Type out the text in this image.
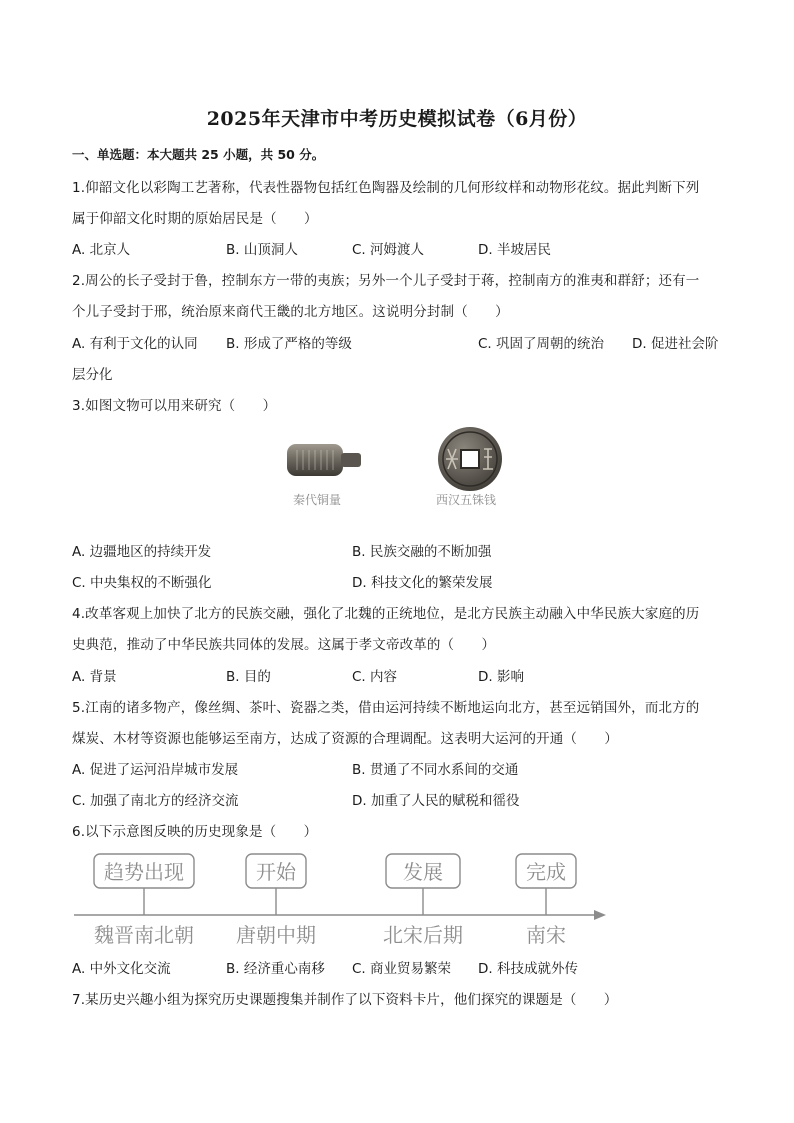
2025年天津市中考历史模拟试卷（6月份）
一、单选题：本大题共 25 小题，共 50 分。
1.仰韶文化以彩陶工艺著称，代表性器物包括红色陶器及绘制的几何形纹样和动物形花纹。据此判断下列
属于仰韶文化时期的原始居民是（　　）
A. 北京人	B. 山顶洞人	C. 河姆渡人	D. 半坡居民
2.周公的长子受封于鲁，控制东方一带的夷族；另外一个儿子受封于蒋，控制南方的淮夷和群舒；还有一
个儿子受封于邢，统治原来商代王畿的北方地区。这说明分封制（　　）
A. 有利于文化的认同 B. 形成了严格的等级	C. 巩固了周朝的统治 D. 促进社会阶
层分化
3.如图文物可以用来研究（　　）
秦代铜量	西汉五铢钱
A. 边疆地区的持续开发	B. 民族交融的不断加强
C. 中央集权的不断强化	D. 科技文化的繁荣发展
4.改革客观上加快了北方的民族交融，强化了北魏的正统地位，是北方民族主动融入中华民族大家庭的历
史典范，推动了中华民族共同体的发展。这属于孝文帝改革的（　　）
A. 背景	B. 目的	C. 内容	D. 影响
5.江南的诸多物产，像丝绸、茶叶、瓷器之类，借由运河持续不断地运向北方，甚至远销国外，而北方的
煤炭、木材等资源也能够运至南方，达成了资源的合理调配。这表明大运河的开通（　　）
A. 促进了运河沿岸城市发展	B. 贯通了不同水系间的交通
C. 加强了南北方的经济交流	D. 加重了人民的赋税和徭役
6.以下示意图反映的历史现象是（　　）
趋势出现	开始	发展	完成
魏晋南北朝 唐朝中期	北宋后期	南宋
A. 中外文化交流	B. 经济重心南移 C. 商业贸易繁荣 D. 科技成就外传
7.某历史兴趣小组为探究历史课题搜集并制作了以下资料卡片，他们探究的课题是（　　）
